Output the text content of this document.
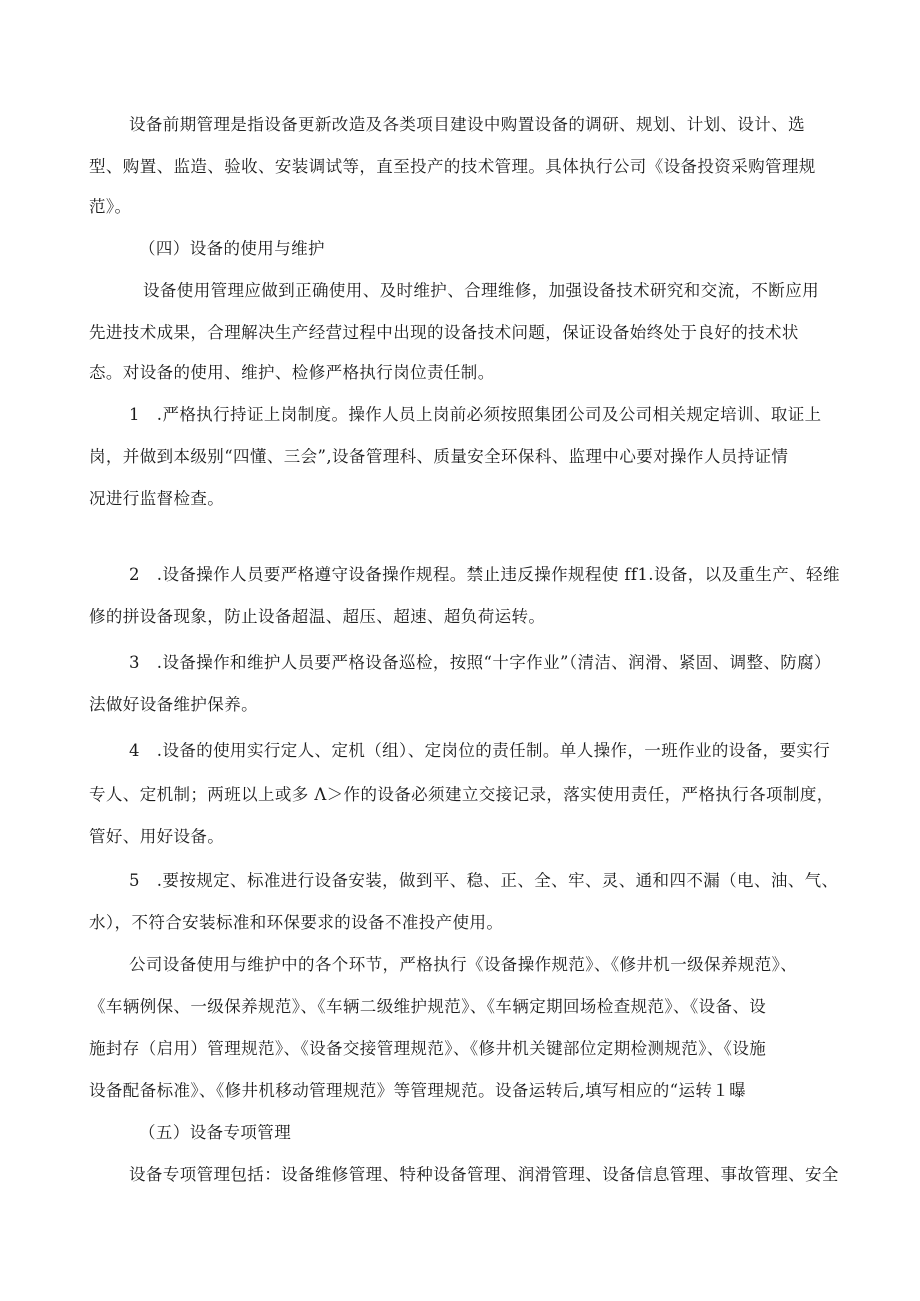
设备前期管理是指设备更新改造及各类项目建设中购置设备的调研、规划、计划、设计、选

型、购置、监造、验收、安装调试等，直至投产的技术管理。具体执行公司《设备投资采购管理规

范》。

（四）设备的使用与维护

设备使用管理应做到正确使用、及时维护、合理维修，加强设备技术研究和交流，不断应用

先进技术成果，合理解决生产经营过程中出现的设备技术问题，保证设备始终处于良好的技术状

态。对设备的使用、维护、检修严格执行岗位责任制。

1　.严格执行持证上岗制度。操作人员上岗前必须按照集团公司及公司相关规定培训、取证上

岗，并做到本级别“四懂、三会”,设备管理科、质量安全环保科、监理中心要对操作人员持证情

况进行监督检查。

2　.设备操作人员要严格遵守设备操作规程。禁止违反操作规程使 ff1.设备，以及重生产、轻维

修的拼设备现象，防止设备超温、超压、超速、超负荷运转。

3　.设备操作和维护人员要严格设备巡检，按照“十字作业”（清洁、润滑、紧固、调整、防腐）

法做好设备维护保养。

4　.设备的使用实行定人、定机（组）、定岗位的责任制。单人操作，一班作业的设备，要实行

专人、定机制；两班以上或多 Λ＞作的设备必须建立交接记录，落实使用责任，严格执行各项制度，

管好、用好设备。

5　.要按规定、标准进行设备安装，做到平、稳、正、全、牢、灵、通和四不漏（电、油、气、

水），不符合安装标准和环保要求的设备不准投产使用。

公司设备使用与维护中的各个环节，严格执行《设备操作规范》、《修井机一级保养规范》、

《车辆例保、一级保养规范》、《车辆二级维护规范》、《车辆定期回场检查规范》、《设备、设

施封存（启用）管理规范》、《设备交接管理规范》、《修井机关键部位定期检测规范》、《设施

设备配备标准》、《修井机移动管理规范》等管理规范。设备运转后,填写相应的“运转１曝

（五）设备专项管理

设备专项管理包括：设备维修管理、特种设备管理、润滑管理、设备信息管理、事故管理、安全
